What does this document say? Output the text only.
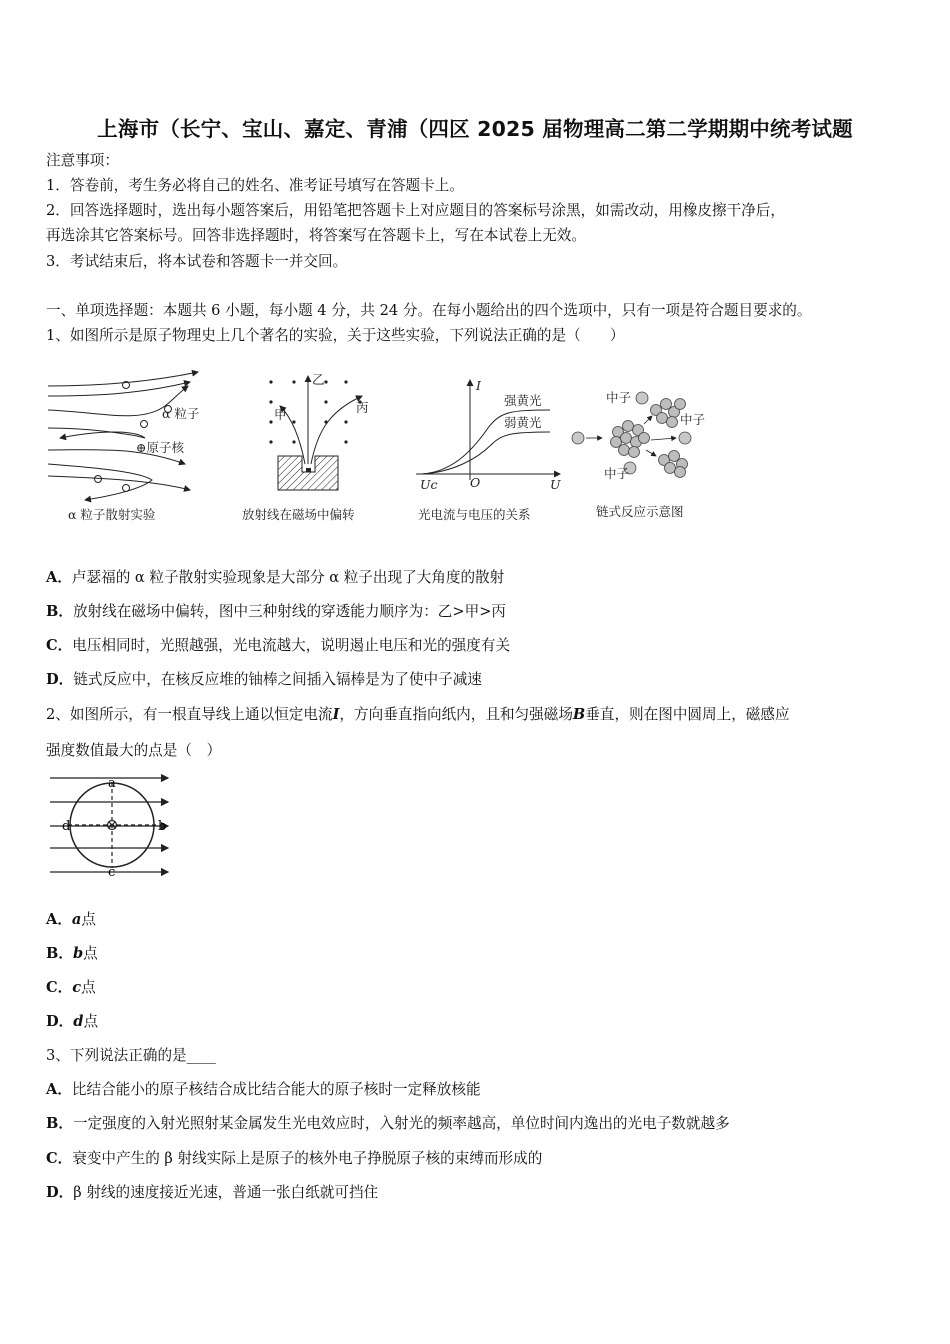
上海市（长宁、宝山、嘉定、青浦（四区 2025 届物理高二第二学期期中统考试题
注意事项：
1．答卷前，考生务必将自己的姓名、准考证号填写在答题卡上。
2．回答选择题时，选出每小题答案后，用铅笔把答题卡上对应题目的答案标号涂黑，如需改动，用橡皮擦干净后，
再选涂其它答案标号。回答非选择题时，将答案写在答题卡上，写在本试卷上无效。
3．考试结束后，将本试卷和答题卡一并交回。
一、单项选择题：本题共 6 小题，每小题 4 分，共 24 分。在每小题给出的四个选项中，只有一项是符合题目要求的。
1、如图所示是原子物理史上几个著名的实验，关于这些实验，下列说法正确的是（　　）
α 粒子
⊕原子核
α 粒子散射实验
乙
甲	丙
放射线在磁场中偏转
I
强黄光
弱黄光
Uc	O	U
光电流与电压的关系
中子
中子
中子
链式反应示意图
A．卢瑟福的 α 粒子散射实验现象是大部分 α 粒子出现了大角度的散射
B．放射线在磁场中偏转，图中三种射线的穿透能力顺序为：乙>甲>丙
C．电压相同时，光照越强，光电流越大，说明遏止电压和光的强度有关
D．链式反应中，在核反应堆的铀棒之间插入镉棒是为了使中子减速
2、如图所示，有一根直导线上通以恒定电流I，方向垂直指向纸内，且和匀强磁场B垂直，则在图中圆周上，磁感应
强度数值最大的点是（　）
a
b
c
d
A．a点
B．b点
C．c点
D．d点
3、下列说法正确的是____
A．比结合能小的原子核结合成比结合能大的原子核时一定释放核能
B．一定强度的入射光照射某金属发生光电效应时，入射光的频率越高，单位时间内逸出的光电子数就越多
C．衰变中产生的 β 射线实际上是原子的核外电子挣脱原子核的束缚而形成的
D．β 射线的速度接近光速，普通一张白纸就可挡住
